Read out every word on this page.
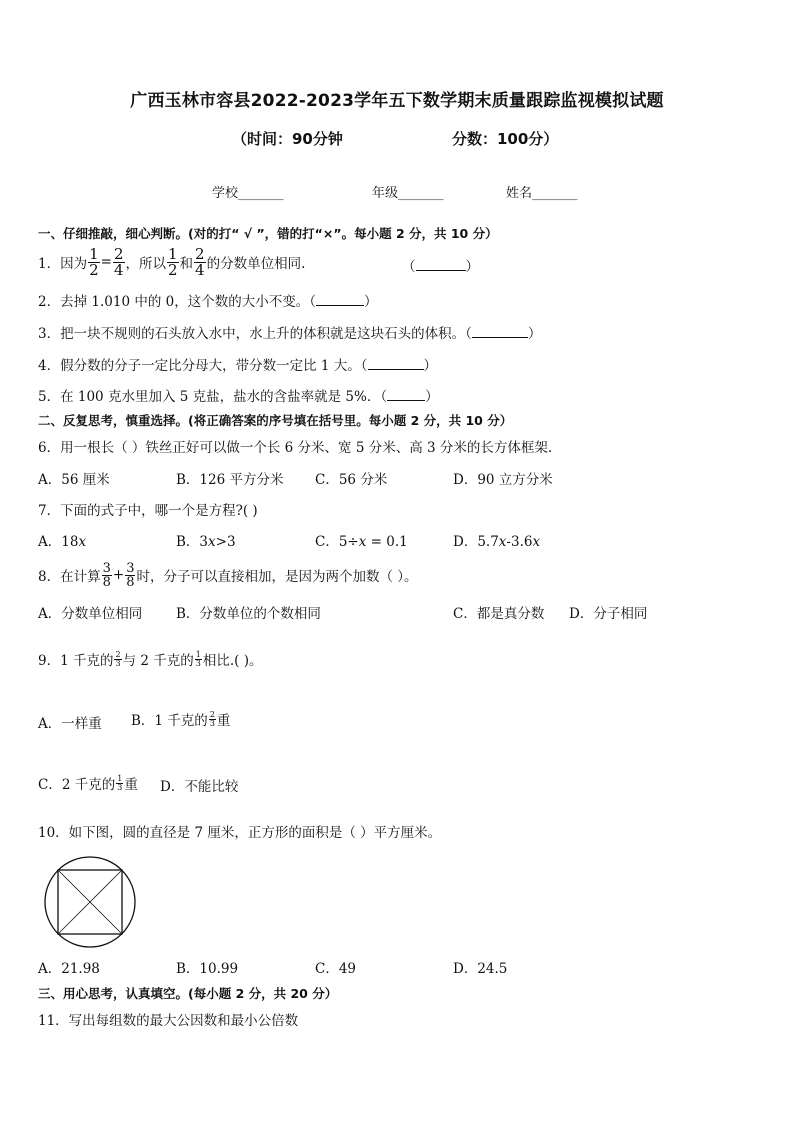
广西玉林市容县2022-2023学年五下数学期末质量跟踪监视模拟试题
（时间：90分钟	分数：100分）
学校_______	年级_______	姓名_______
一、仔细推敲，细心判断。(对的打“ √ ”，错的打“×”。每小题 2 分，共 10 分）
1．因为 $\frac{1}{2} = \frac{2}{4}$ ，所以 $\frac{1}{2}$ 和 $\frac{2}{4}$ 的分数单位相同.	（	）
2．去掉 1.010 中的 0，这个数的大小不变。（	）
3．把一块不规则的石头放入水中，水上升的体积就是这块石头的体积。（	）
4．假分数的分子一定比分母大，带分数一定比 1 大。（	）
5．在 100 克水里加入 5 克盐，盐水的含盐率就是 5%．（	）
二、反复思考，慎重选择。(将正确答案的序号填在括号里。每小题 2 分，共 10 分）
6．用一根长（ ）铁丝正好可以做一个长 6 分米、宽 5 分米、高 3 分米的长方体框架.
A．56 厘米	B．126 平方分米 C．56 分米	D．90 立方分米
7．下面的式子中，哪一个是方程?( )
A．18x	B．3x>3	C．5÷x = 0.1	D．5.7x-3.6x
8．在计算 $\frac{3}{8} + \frac{3}{8}$ 时，分子可以直接相加，是因为两个加数（ ）。
A．分数单位相同	B．分数单位的个数相同	C．都是真分数 D．分子相同
9．1 千克的 $\frac{2}{3}$ 与 2 千克的 $\frac{1}{3}$ 相比.( )。
A．一样重 B．1 千克的 $\frac{2}{3}$ 重
C．2 千克的 $\frac{1}{3}$ 重 D．不能比较
10．如下图，圆的直径是 7 厘米，正方形的面积是（ ）平方厘米。
A．21.98	B．10.99	C．49	D．24.5
三、用心思考，认真填空。(每小题 2 分，共 20 分）
11．写出每组数的最大公因数和最小公倍数
